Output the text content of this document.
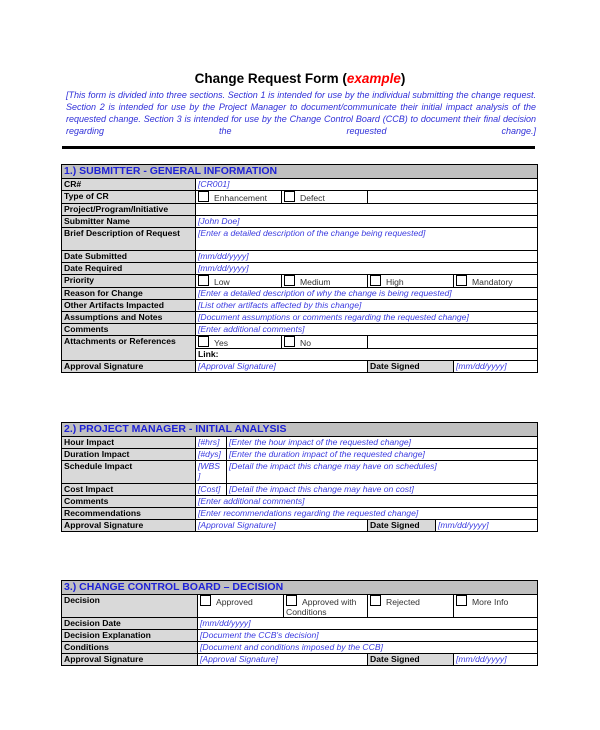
Change Request Form (example)
[This form is divided into three sections. Section 1 is intended for use by the individual submitting the change request. Section 2 is intended for use by the Project Manager to document/communicate their initial impact analysis of the requested change. Section 3 is intended for use by the Change Control Board (CCB) to document their final decision regarding the requested change.]
1.) SUBMITTER - GENERAL INFORMATION				
CR#	[CR001]			
Type of CR	Enhancement	Defect		
Project/Program/Initiative				
Submitter Name	[John Doe]			
Brief Description of Request	[Enter a detailed description of the change being requested]			
Date Submitted	[mm/dd/yyyy]			
Date Required	[mm/dd/yyyy]			
Priority	Low	Medium	High	Mandatory
Reason for Change	[Enter a detailed description of why the change is being requested]			
Other Artifacts Impacted	[List other artifacts affected by this change]			
Assumptions and Notes	[Document assumptions or comments regarding the requested change]			
Comments	[Enter additional comments]			
Attachments or References	Yes	No		
	Link:			
Approval Signature	[Approval Signature]		Date Signed	[mm/dd/yyyy]
2.) PROJECT MANAGER - INITIAL ANALYSIS				
Hour Impact	[#hrs]	[Enter the hour impact of the requested change]		
Duration Impact	[#dys]	[Enter the duration impact of the requested change]		
Schedule Impact	[WBS ]	[Detail the impact this change may have on schedules]		
Cost Impact	[Cost]	[Detail the impact this change may have on cost]		
Comments	[Enter additional comments]			
Recommendations	[Enter recommendations regarding the requested change]			
Approval Signature	[Approval Signature]		Date Signed	[mm/dd/yyyy]
3.) CHANGE CONTROL BOARD – DECISION				
Decision	Approved	Approved with Conditions	Rejected	More Info
Decision Date	[mm/dd/yyyy]			
Decision Explanation	[Document the CCB's decision]			
Conditions	[Document and conditions imposed by the CCB]			
Approval Signature	[Approval Signature]		Date Signed	[mm/dd/yyyy]
